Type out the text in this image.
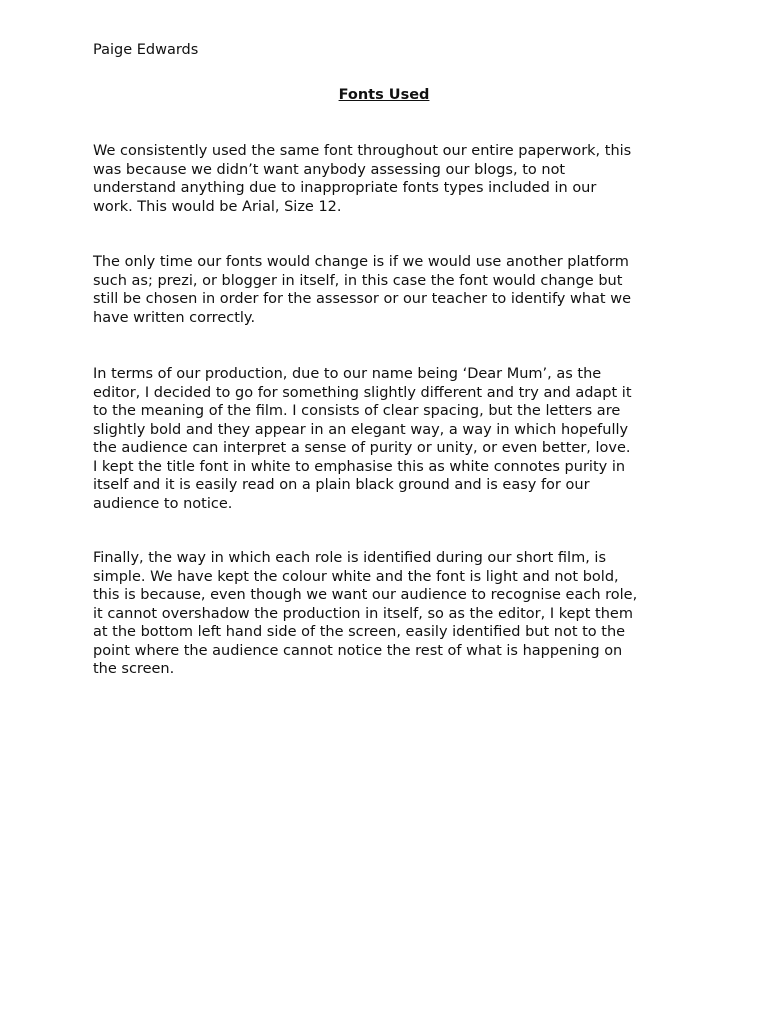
Paige Edwards
Fonts Used
We consistently used the same font throughout our entire paperwork, this
was because we didn’t want anybody assessing our blogs, to not
understand anything due to inappropriate fonts types included in our
work. This would be Arial, Size 12.
The only time our fonts would change is if we would use another platform
such as; prezi, or blogger in itself, in this case the font would change but
still be chosen in order for the assessor or our teacher to identify what we
have written correctly.
In terms of our production, due to our name being ‘Dear Mum’, as the
editor, I decided to go for something slightly different and try and adapt it
to the meaning of the film. I consists of clear spacing, but the letters are
slightly bold and they appear in an elegant way, a way in which hopefully
the audience can interpret a sense of purity or unity, or even better, love.
I kept the title font in white to emphasise this as white connotes purity in
itself and it is easily read on a plain black ground and is easy for our
audience to notice.
Finally, the way in which each role is identified during our short film, is
simple. We have kept the colour white and the font is light and not bold,
this is because, even though we want our audience to recognise each role,
it cannot overshadow the production in itself, so as the editor, I kept them
at the bottom left hand side of the screen, easily identified but not to the
point where the audience cannot notice the rest of what is happening on
the screen.
